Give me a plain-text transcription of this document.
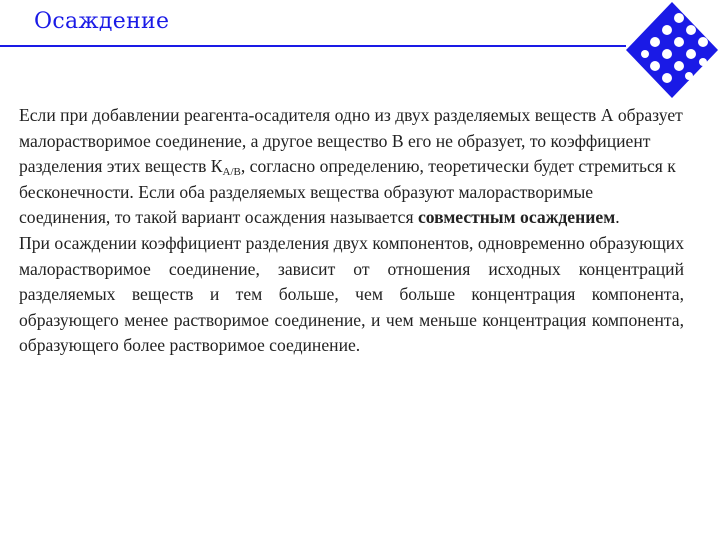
Осаждение

Если при добавлении реагента-осадителя одно из двух разделяемых веществ А образует малорастворимое соединение, а другое вещество В его не образует, то коэффициент разделения этих веществ $К_{A/B}$, согласно определению, теоретически будет стремиться к бесконечности. Если оба разделяемых вещества образуют малорастворимые соединения, то такой вариант осаждения называется совместным осаждением.

При осаждении коэффициент разделения двух компонентов, одновременно образующих малорастворимое соединение, зависит от отношения исходных концентраций разделяемых веществ и тем больше, чем больше концентрация компонента, образующего менее растворимое соединение, и чем меньше концентрация компонента, образующего более растворимое соединение.
